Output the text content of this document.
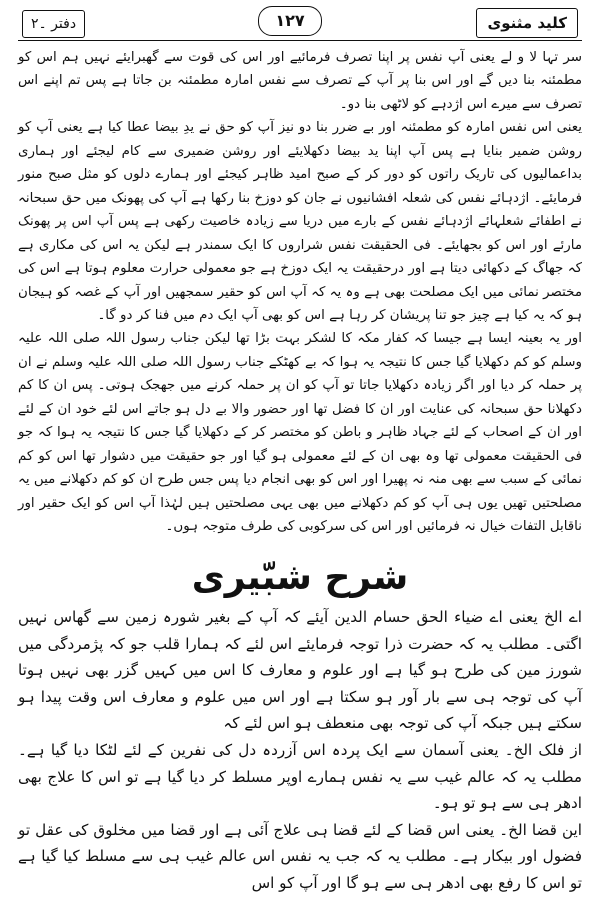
دفتر ۔۲	۱۲۷	کلید مثنوی

سر تہا لا و لے یعنی آپ نفس پر اپنا تصرف فرمائیے اور اس کی قوت سے گھبرایئے نہیں ہم اس کو مطمئنہ بنا دیں گے اور اس بنا پر آپ کے تصرف سے نفس امارہ مطمئنہ بن جاتا ہے پس تم اپنے اس تصرف سے میرے اس اژدہے کو لاٹھی بنا دو۔

یعنی اس نفس امارہ کو مطمئنہ اور بے ضرر بنا دو نیز آپ کو حق نے یدِ بیضا عطا کیا ہے یعنی آپ کو روشن ضمیر بنایا ہے پس آپ اپنا ید بیضا دکھلایئے اور روشن ضمیری سے کام لیجئے اور ہماری بداعمالیوں کی تاریک راتوں کو دور کر کے صبح امید ظاہر کیجئے اور ہمارے دلوں کو مثل صبح منور فرمایئے۔ اژدہائے نفس کی شعلہ افشانیوں نے جان کو دوزخ بنا رکھا ہے آپ کی پھونک میں حق سبحانہ نے اطفائے شعلہائے اژدہائے نفس کے بارے میں دریا سے زیادہ خاصیت رکھی ہے پس آپ اس پر پھونک مارئے اور اس کو بجھایئے۔ فی الحقیقت نفس شراروں کا ایک سمندر ہے لیکن یہ اس کی مکاری ہے کہ جھاگ کے دکھائی دیتا ہے اور درحقیقت یہ ایک دوزخ ہے جو معمولی حرارت معلوم ہوتا ہے اس کی مختصر نمائی میں ایک مصلحت بھی ہے وہ یہ کہ آپ اس کو حقیر سمجھیں اور آپ کے غصہ کو ہیجان ہو کہ یہ کیا ہے چیز جو تنا پریشان کر رہا ہے اس کو بھی آپ ایک دم میں فنا کر دو گا۔

اور یہ بعینہ ایسا ہے جیسا کہ کفار مکہ کا لشکر بہت بڑا تھا لیکن جناب رسول اللہ صلی اللہ علیہ وسلم کو کم دکھلایا گیا جس کا نتیجہ یہ ہوا کہ بے کھٹکے جناب رسول اللہ صلی اللہ علیہ وسلم نے ان پر حملہ کر دیا اور اگر زیادہ دکھلایا جاتا تو آپ کو ان پر حملہ کرنے میں جھجک ہوتی۔ پس ان کا کم دکھلانا حق سبحانہ کی عنایت اور ان کا فضل تھا اور حضور والا بے دل ہو جاتے اس لئے خود ان کے لئے اور ان کے اصحاب کے لئے جہاد ظاہر و باطن کو مختصر کر کے دکھلایا گیا جس کا نتیجہ یہ ہوا کہ جو فی الحقیقت معمولی تھا وہ بھی ان کے لئے معمولی ہو گیا اور جو حقیقت میں دشوار تھا اس کو کم نمائی کے سبب سے بھی منہ نہ پھیرا اور اس کو بھی انجام دیا پس جس طرح ان کو کم دکھلانے میں یہ مصلحتیں تھیں یوں ہی آپ کو کم دکھلانے میں بھی یہی مصلحتیں ہیں لہٰذا آپ اس کو ایک حقیر اور ناقابل التفات خیال نہ فرمائیں اور اس کی سرکوبی کی طرف متوجہ ہوں۔

شرح شبّیری

اے الخ یعنی اے ضیاء الحق حسام الدین آیئے کہ آپ کے بغیر شورہ زمین سے گھاس نہیں اگتی۔ مطلب یہ کہ حضرت ذرا توجہ فرمایئے اس لئے کہ ہمارا قلب جو کہ پژمردگی میں شورز مین کی طرح ہو گیا ہے اور علوم و معارف کا اس میں کہیں گزر بھی نہیں ہوتا آپ کی توجہ ہی سے بار آور ہو سکتا ہے اور اس میں علوم و معارف اس وقت پیدا ہو سکتے ہیں جبکہ آپ کی توجہ بھی منعطف ہو اس لئے کہ

از فلک الخ۔ یعنی آسمان سے ایک پردہ اس آزردہ دل کی نفرین کے لئے لٹکا دیا گیا ہے۔ مطلب یہ کہ عالم غیب سے یہ نفس ہمارے اوپر مسلط کر دیا گیا ہے تو اس کا علاج بھی ادھر ہی سے ہو تو ہو۔

این قضا الخ۔ یعنی اس قضا کے لئے قضا ہی علاج آئی ہے اور قضا میں مخلوق کی عقل تو فضول اور بیکار ہے۔ مطلب یہ کہ جب یہ نفس اس عالم غیب ہی سے مسلط کیا گیا ہے تو اس کا رفع بھی ادھر ہی سے ہو گا اور آپ کو اس
